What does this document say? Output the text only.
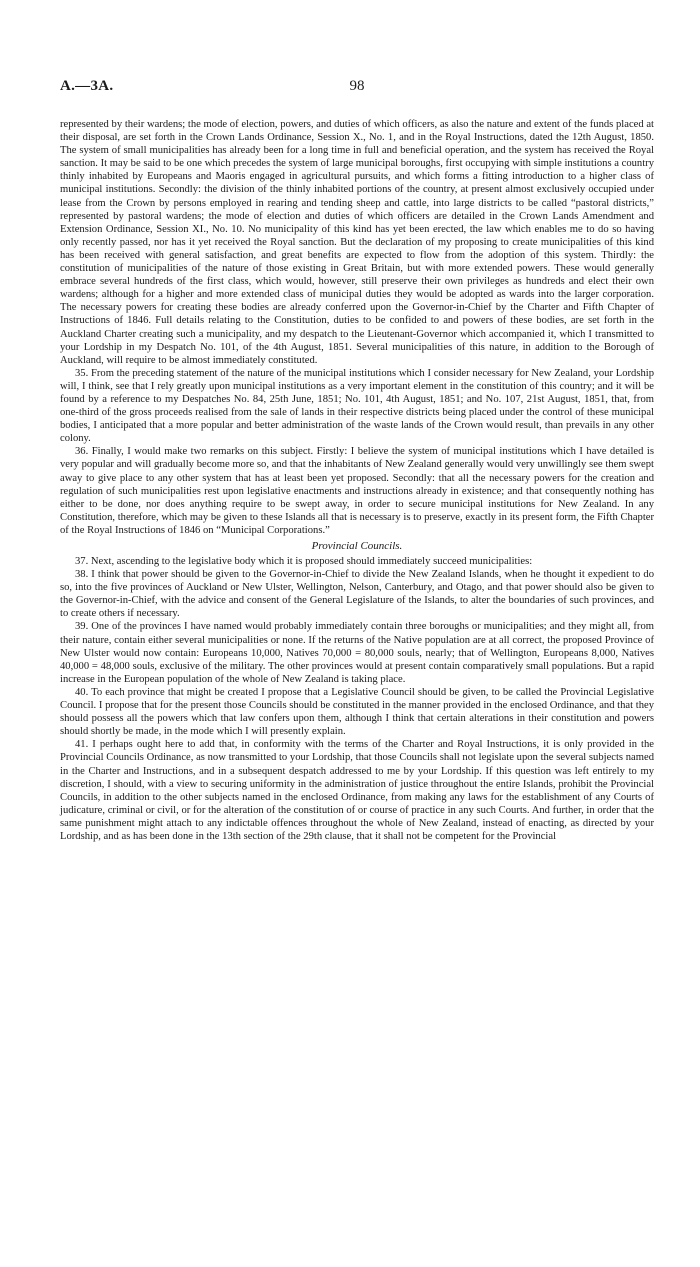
A.—3A.	98

represented by their wardens; the mode of election, powers, and duties of which officers, as also the nature and extent of the funds placed at their disposal, are set forth in the Crown Lands Ordinance, Session X., No. 1, and in the Royal Instructions, dated the 12th August, 1850. The system of small municipalities has already been for a long time in full and beneficial operation, and the system has received the Royal sanction. It may be said to be one which precedes the system of large municipal boroughs, first occupying with simple institutions a country thinly inhabited by Europeans and Maoris engaged in agricultural pursuits, and which forms a fitting introduction to a higher class of municipal institutions. Secondly: the division of the thinly inhabited portions of the country, at present almost exclusively occupied under lease from the Crown by persons employed in rearing and tending sheep and cattle, into large districts to be called “pastoral districts,” represented by pastoral wardens; the mode of election and duties of which officers are detailed in the Crown Lands Amendment and Extension Ordinance, Session XI., No. 10. No municipality of this kind has yet been erected, the law which enables me to do so having only recently passed, nor has it yet received the Royal sanction. But the declaration of my proposing to create municipalities of this kind has been received with general satisfaction, and great benefits are expected to flow from the adoption of this system. Thirdly: the constitution of municipalities of the nature of those existing in Great Britain, but with more extended powers. These would generally embrace several hundreds of the first class, which would, however, still preserve their own privileges as hundreds and elect their own wardens; although for a higher and more extended class of municipal duties they would be adopted as wards into the larger corporation. The necessary powers for creating these bodies are already conferred upon the Governor-in-Chief by the Charter and Fifth Chapter of Instructions of 1846. Full details relating to the Constitution, duties to be confided to and powers of these bodies, are set forth in the Auckland Charter creating such a municipality, and my despatch to the Lieutenant-Governor which accompanied it, which I transmitted to your Lordship in my Despatch No. 101, of the 4th August, 1851. Several municipalities of this nature, in addition to the Borough of Auckland, will require to be almost immediately constituted.

35. From the preceding statement of the nature of the municipal institutions which I consider necessary for New Zealand, your Lordship will, I think, see that I rely greatly upon municipal institutions as a very important element in the constitution of this country; and it will be found by a reference to my Despatches No. 84, 25th June, 1851; No. 101, 4th August, 1851; and No. 107, 21st August, 1851, that, from one-third of the gross proceeds realised from the sale of lands in their respective districts being placed under the control of these municipal bodies, I anticipated that a more popular and better administration of the waste lands of the Crown would result, than prevails in any other colony.

36. Finally, I would make two remarks on this subject. Firstly: I believe the system of municipal institutions which I have detailed is very popular and will gradually become more so, and that the inhabitants of New Zealand generally would very unwillingly see them swept away to give place to any other system that has at least been yet proposed. Secondly: that all the necessary powers for the creation and regulation of such municipalities rest upon legislative enactments and instructions already in existence; and that consequently nothing has either to be done, nor does anything require to be swept away, in order to secure municipal institutions for New Zealand. In any Constitution, therefore, which may be given to these Islands all that is necessary is to preserve, exactly in its present form, the Fifth Chapter of the Royal Instructions of 1846 on “Municipal Corporations.”

Provincial Councils.

37. Next, ascending to the legislative body which it is proposed should immediately succeed municipalities:

38. I think that power should be given to the Governor-in-Chief to divide the New Zealand Islands, when he thought it expedient to do so, into the five provinces of Auckland or New Ulster, Wellington, Nelson, Canterbury, and Otago, and that power should also be given to the Governor-in-Chief, with the advice and consent of the General Legislature of the Islands, to alter the boundaries of such provinces, and to create others if necessary.

39. One of the provinces I have named would probably immediately contain three boroughs or municipalities; and they might all, from their nature, contain either several municipalities or none. If the returns of the Native population are at all correct, the proposed Province of New Ulster would now contain: Europeans 10,000, Natives 70,000 = 80,000 souls, nearly; that of Wellington, Europeans 8,000, Natives 40,000 = 48,000 souls, exclusive of the military. The other provinces would at present contain comparatively small populations. But a rapid increase in the European population of the whole of New Zealand is taking place.

40. To each province that might be created I propose that a Legislative Council should be given, to be called the Provincial Legislative Council. I propose that for the present those Councils should be constituted in the manner provided in the enclosed Ordinance, and that they should possess all the powers which that law confers upon them, although I think that certain alterations in their constitution and powers should shortly be made, in the mode which I will presently explain.

41. I perhaps ought here to add that, in conformity with the terms of the Charter and Royal Instructions, it is only provided in the Provincial Councils Ordinance, as now transmitted to your Lordship, that those Councils shall not legislate upon the several subjects named in the Charter and Instructions, and in a subsequent despatch addressed to me by your Lordship. If this question was left entirely to my discretion, I should, with a view to securing uniformity in the administration of justice throughout the entire Islands, prohibit the Provincial Councils, in addition to the other subjects named in the enclosed Ordinance, from making any laws for the establishment of any Courts of judicature, criminal or civil, or for the alteration of the constitution of or course of practice in any such Courts. And further, in order that the same punishment might attach to any indictable offences throughout the whole of New Zealand, instead of enacting, as directed by your Lordship, and as has been done in the 13th section of the 29th clause, that it shall not be competent for the Provincial
